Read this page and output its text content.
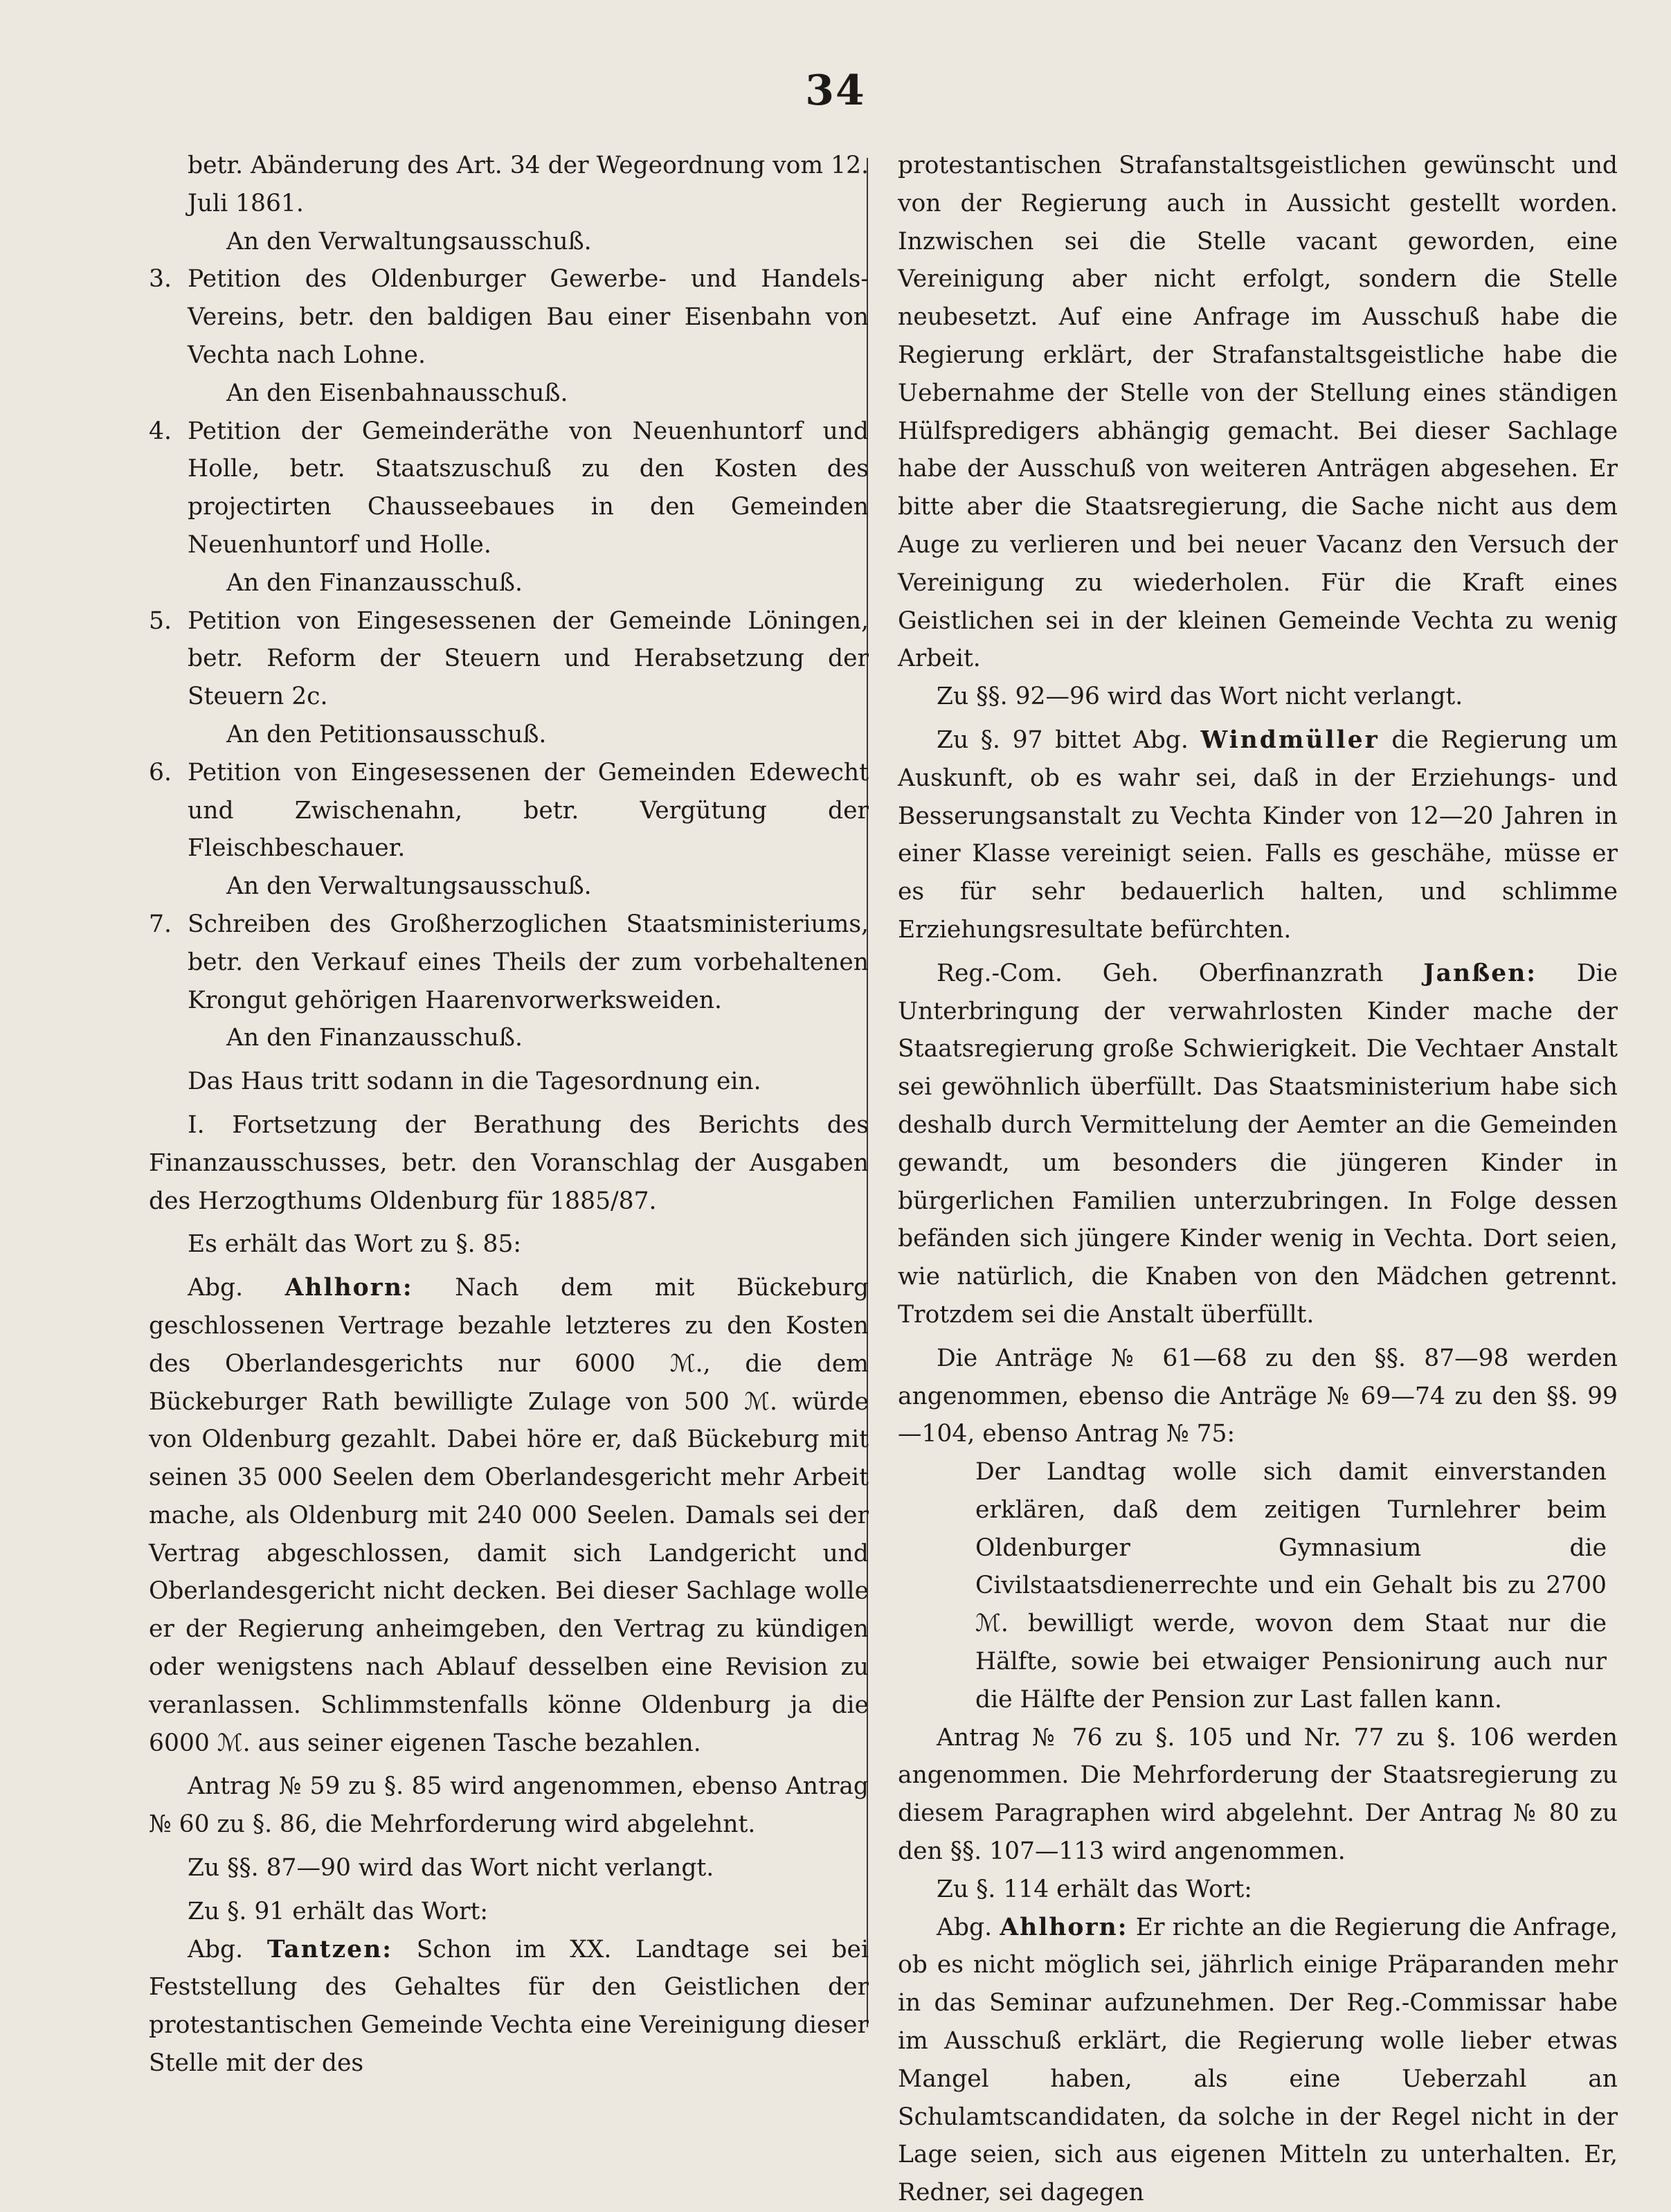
34
betr. Abänderung des Art. 34 der Wegeordnung vom 12. Juli 1861.
An den Verwaltungsausschuß.
3. Petition des Oldenburger Gewerbe- und Handels-Vereins, betr. den baldigen Bau einer Eisenbahn von Vechta nach Lohne.
An den Eisenbahnausschuß.
4. Petition der Gemeinderäthe von Neuenhuntorf und Holle, betr. Staatszuschuß zu den Kosten des projectirten Chausseebaues in den Gemeinden Neuenhuntorf und Holle.
An den Finanzausschuß.
5. Petition von Eingesessenen der Gemeinde Löningen, betr. Reform der Steuern und Herabsetzung der Steuern 2c.
An den Petitionsausschuß.
6. Petition von Eingesessenen der Gemeinden Edewecht und Zwischenahn, betr. Vergütung der Fleischbeschauer.
An den Verwaltungsausschuß.
7. Schreiben des Großherzoglichen Staatsministeriums, betr. den Verkauf eines Theils der zum vorbehaltenen Krongut gehörigen Haarenvorwerksweiden.
An den Finanzausschuß.
Das Haus tritt sodann in die Tagesordnung ein.
I. Fortsetzung der Berathung des Berichts des Finanzausschusses, betr. den Voranschlag der Ausgaben des Herzogthums Oldenburg für 1885/87.
Es erhält das Wort zu §. 85:
Abg. Ahlhorn: Nach dem mit Bückeburg geschlossenen Vertrage bezahle letzteres zu den Kosten des Oberlandesgerichts nur 6000 ℳ., die dem Bückeburger Rath bewilligte Zulage von 500 ℳ. würde von Oldenburg gezahlt. Dabei höre er, daß Bückeburg mit seinen 35 000 Seelen dem Oberlandesgericht mehr Arbeit mache, als Oldenburg mit 240 000 Seelen. Damals sei der Vertrag abgeschlossen, damit sich Landgericht und Oberlandesgericht nicht decken. Bei dieser Sachlage wolle er der Regierung anheimgeben, den Vertrag zu kündigen oder wenigstens nach Ablauf desselben eine Revision zu veranlassen. Schlimmstenfalls könne Oldenburg ja die 6000 ℳ. aus seiner eigenen Tasche bezahlen.
Antrag № 59 zu §. 85 wird angenommen, ebenso Antrag № 60 zu §. 86, die Mehrforderung wird abgelehnt.
Zu §§. 87—90 wird das Wort nicht verlangt.
Zu §. 91 erhält das Wort:
Abg. Tantzen: Schon im XX. Landtage sei bei Feststellung des Gehaltes für den Geistlichen der protestantischen Gemeinde Vechta eine Vereinigung dieser Stelle mit der des
protestantischen Strafanstaltsgeistlichen gewünscht und von der Regierung auch in Aussicht gestellt worden. Inzwischen sei die Stelle vacant geworden, eine Vereinigung aber nicht erfolgt, sondern die Stelle neubesetzt. Auf eine Anfrage im Ausschuß habe die Regierung erklärt, der Strafanstaltsgeistliche habe die Uebernahme der Stelle von der Stellung eines ständigen Hülfspredigers abhängig gemacht. Bei dieser Sachlage habe der Ausschuß von weiteren Anträgen abgesehen. Er bitte aber die Staatsregierung, die Sache nicht aus dem Auge zu verlieren und bei neuer Vacanz den Versuch der Vereinigung zu wiederholen. Für die Kraft eines Geistlichen sei in der kleinen Gemeinde Vechta zu wenig Arbeit.
Zu §§. 92—96 wird das Wort nicht verlangt.
Zu §. 97 bittet Abg. Windmüller die Regierung um Auskunft, ob es wahr sei, daß in der Erziehungs- und Besserungsanstalt zu Vechta Kinder von 12—20 Jahren in einer Klasse vereinigt seien. Falls es geschähe, müsse er es für sehr bedauerlich halten, und schlimme Erziehungsresultate befürchten.
Reg.-Com. Geh. Oberfinanzrath Janßen: Die Unterbringung der verwahrlosten Kinder mache der Staatsregierung große Schwierigkeit. Die Vechtaer Anstalt sei gewöhnlich überfüllt. Das Staatsministerium habe sich deshalb durch Vermittelung der Aemter an die Gemeinden gewandt, um besonders die jüngeren Kinder in bürgerlichen Familien unterzubringen. In Folge dessen befänden sich jüngere Kinder wenig in Vechta. Dort seien, wie natürlich, die Knaben von den Mädchen getrennt. Trotzdem sei die Anstalt überfüllt.
Die Anträge № 61—68 zu den §§. 87—98 werden angenommen, ebenso die Anträge № 69—74 zu den §§. 99—104, ebenso Antrag № 75:
Der Landtag wolle sich damit einverstanden erklären, daß dem zeitigen Turnlehrer beim Oldenburger Gymnasium die Civilstaatsdienerrechte und ein Gehalt bis zu 2700 ℳ. bewilligt werde, wovon dem Staat nur die Hälfte, sowie bei etwaiger Pensionirung auch nur die Hälfte der Pension zur Last fallen kann.
Antrag № 76 zu §. 105 und Nr. 77 zu §. 106 werden angenommen. Die Mehrforderung der Staatsregierung zu diesem Paragraphen wird abgelehnt. Der Antrag № 80 zu den §§. 107—113 wird angenommen.
Zu §. 114 erhält das Wort:
Abg. Ahlhorn: Er richte an die Regierung die Anfrage, ob es nicht möglich sei, jährlich einige Präparanden mehr in das Seminar aufzunehmen. Der Reg.-Commissar habe im Ausschuß erklärt, die Regierung wolle lieber etwas Mangel haben, als eine Ueberzahl an Schulamtscandidaten, da solche in der Regel nicht in der Lage seien, sich aus eigenen Mitteln zu unterhalten. Er, Redner, sei dagegen
